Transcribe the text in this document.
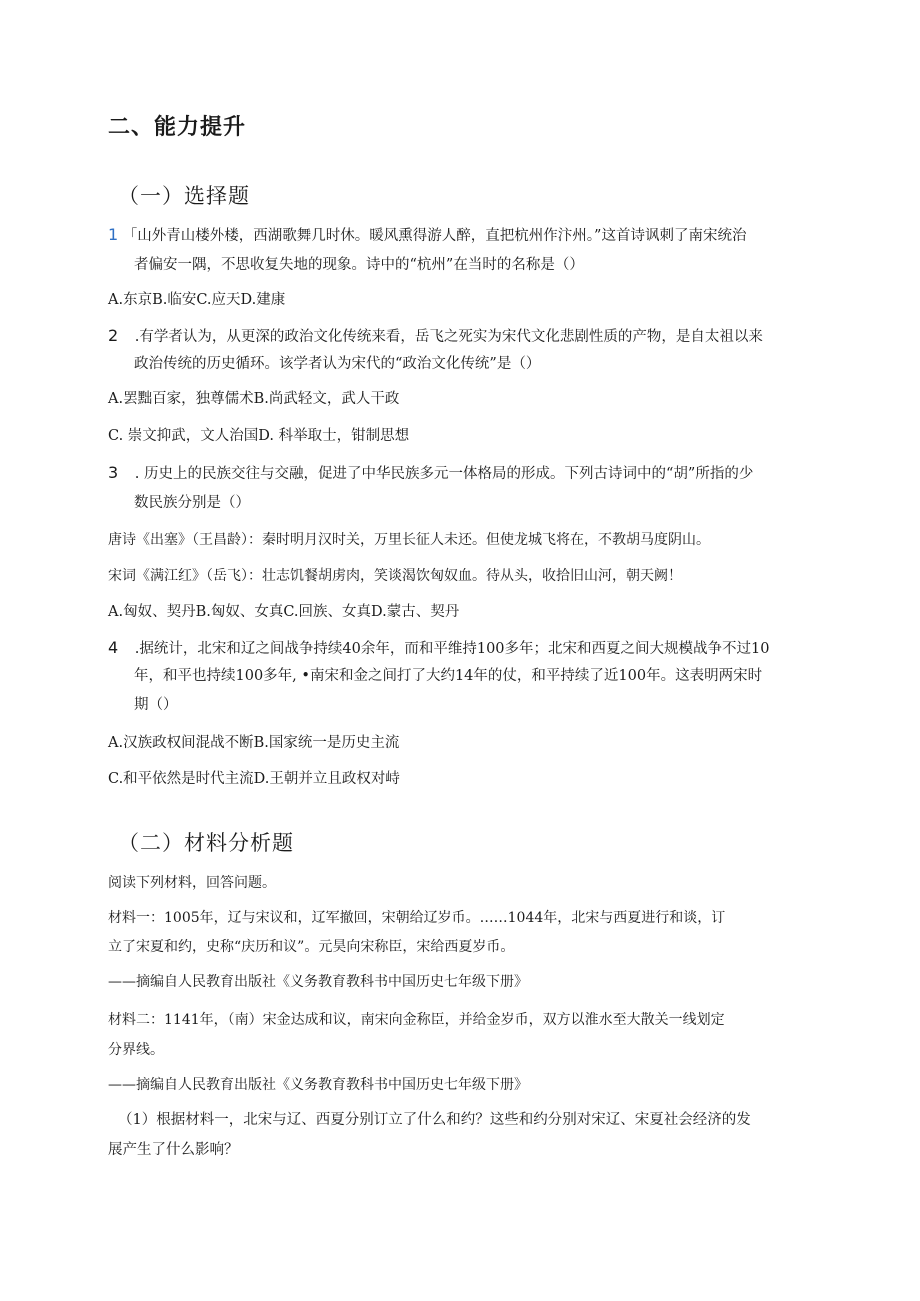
二、能力提升
（一）选择题
1 「山外青山楼外楼，西湖歌舞几时休。暖风熏得游人醉，直把杭州作汴州。”这首诗讽刺了南宋统治
者偏安一隅，不思收复失地的现象。诗中的“杭州”在当时的名称是（）
A.东京B.临安C.应天D.建康
2 .有学者认为，从更深的政治文化传统来看，岳飞之死实为宋代文化悲剧性质的产物，是自太祖以来
政治传统的历史循环。该学者认为宋代的“政治文化传统”是（）
A.罢黜百家，独尊儒术B.尚武轻文，武人干政
C. 崇文抑武，文人治国D. 科举取士，钳制思想
3 . 历史上的民族交往与交融，促进了中华民族多元一体格局的形成。下列古诗词中的“胡”所指的少
数民族分别是（）
唐诗《出塞》（王昌龄）：秦时明月汉时关，万里长征人未还。但使龙城飞将在，不教胡马度阴山。
宋词《满江红》（岳飞）：壮志饥餐胡虏肉，笑谈渴饮匈奴血。待从头，收拾旧山河，朝天阙！
A.匈奴、契丹B.匈奴、女真C.回族、女真D.蒙古、契丹
4 .据统计，北宋和辽之间战争持续40余年，而和平维持100多年；北宋和西夏之间大规模战争不过10
年，和平也持续100多年, •南宋和金之间打了大约14年的仗，和平持续了近100年。这表明两宋时
期（）
A.汉族政权间混战不断B.国家统一是历史主流
C.和平依然是时代主流D.王朝并立且政权对峙
（二）材料分析题
阅读下列材料，回答问题。
材料一：1005年，辽与宋议和，辽军撤回，宋朝给辽岁币。……1044年，北宋与西夏进行和谈，订
立了宋夏和约，史称“庆历和议”。元昊向宋称臣，宋给西夏岁币。
——摘编自人民教育出版社《义务教育教科书中国历史七年级下册》
材料二：1141年，（南）宋金达成和议，南宋向金称臣，并给金岁币，双方以淮水至大散关一线划定
分界线。
——摘编自人民教育出版社《义务教育教科书中国历史七年级下册》
（1）根据材料一，北宋与辽、西夏分别订立了什么和约？这些和约分别对宋辽、宋夏社会经济的发
展产生了什么影响？
